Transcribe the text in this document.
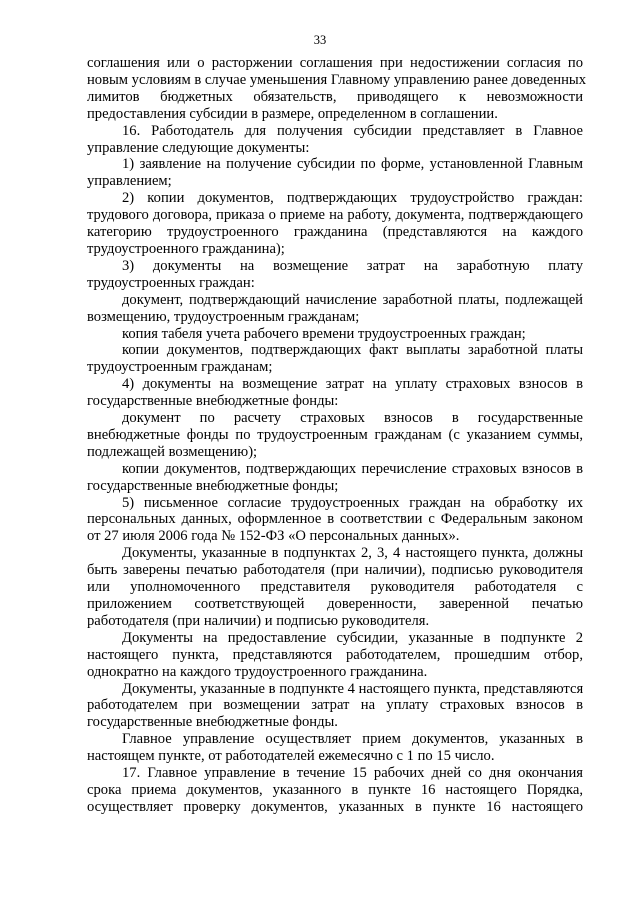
33
соглашения или о расторжении соглашения при недостижении согласия по
новым условиям в случае уменьшения Главному управлению ранее доведенных
лимитов бюджетных обязательств, приводящего к невозможности
предоставления субсидии в размере, определенном в соглашении.
16. Работодатель для получения субсидии представляет в Главное
управление следующие документы:
1) заявление на получение субсидии по форме, установленной Главным
управлением;
2) копии документов, подтверждающих трудоустройство граждан:
трудового договора, приказа о приеме на работу, документа, подтверждающего
категорию трудоустроенного гражданина (представляются на каждого
трудоустроенного гражданина);
3) документы на возмещение затрат на заработную плату
трудоустроенных граждан:
документ, подтверждающий начисление заработной платы, подлежащей
возмещению, трудоустроенным гражданам;
копия табеля учета рабочего времени трудоустроенных граждан;
копии документов, подтверждающих факт выплаты заработной платы
трудоустроенным гражданам;
4) документы на возмещение затрат на уплату страховых взносов в
государственные внебюджетные фонды:
документ по расчету страховых взносов в государственные
внебюджетные фонды по трудоустроенным гражданам (с указанием суммы,
подлежащей возмещению);
копии документов, подтверждающих перечисление страховых взносов в
государственные внебюджетные фонды;
5) письменное согласие трудоустроенных граждан на обработку их
персональных данных, оформленное в соответствии с Федеральным законом
от 27 июля 2006 года № 152-ФЗ «О персональных данных».
Документы, указанные в подпунктах 2, 3, 4 настоящего пункта, должны
быть заверены печатью работодателя (при наличии), подписью руководителя
или уполномоченного представителя руководителя работодателя с
приложением соответствующей доверенности, заверенной печатью
работодателя (при наличии) и подписью руководителя.
Документы на предоставление субсидии, указанные в подпункте 2
настоящего пункта, представляются работодателем, прошедшим отбор,
однократно на каждого трудоустроенного гражданина.
Документы, указанные в подпункте 4 настоящего пункта, представляются
работодателем при возмещении затрат на уплату страховых взносов в
государственные внебюджетные фонды.
Главное управление осуществляет прием документов, указанных в
настоящем пункте, от работодателей ежемесячно с 1 по 15 число.
17. Главное управление в течение 15 рабочих дней со дня окончания
срока приема документов, указанного в пункте 16 настоящего Порядка,
осуществляет проверку документов, указанных в пункте 16 настоящего
